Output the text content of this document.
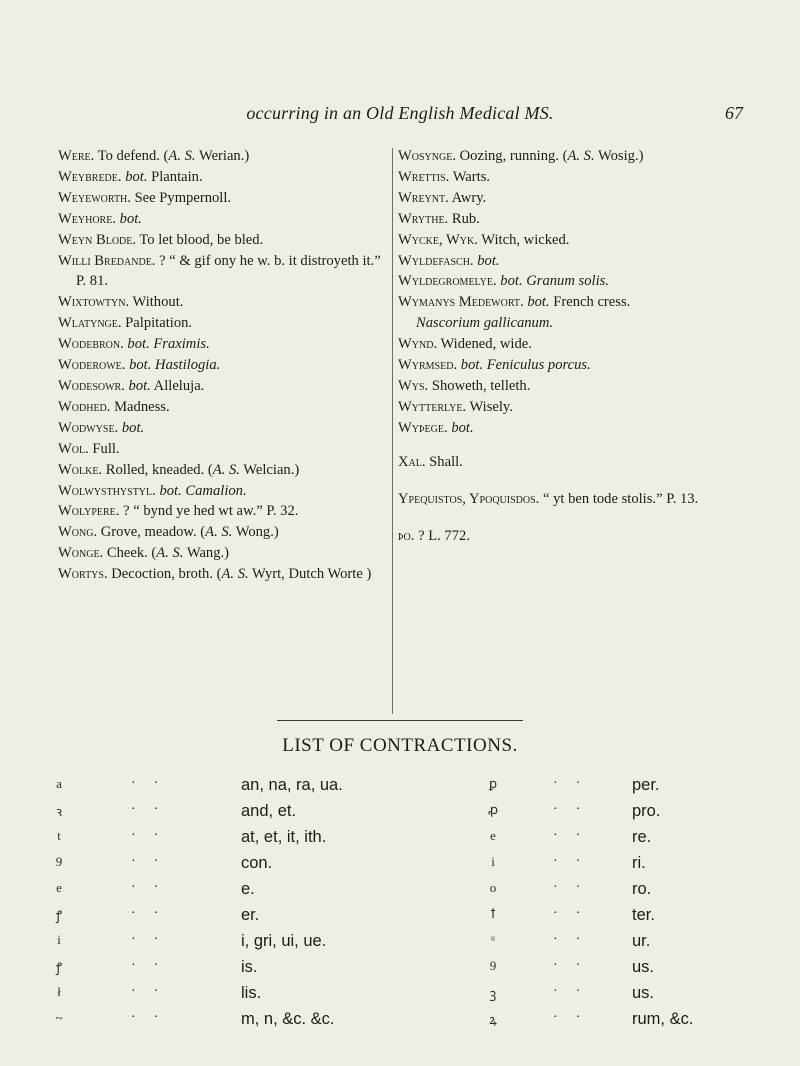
occurring in an Old English Medical MS.	67
Were. To defend. (A. S. Werian.)
Weybrede. bot. Plantain.
Weyeworth. See Pympernoll.
Weyhore. bot.
Weyn Blode. To let blood, be bled.
Willi Bredande. ? “ & gif ony he w. b. it distroyeth it.” P. 81.
Wixtowtyn. Without.
Wlatynge. Palpitation.
Wodebron. bot. Fraximis.
Woderowe. bot. Hastilogia.
Wodesowr. bot. Alleluja.
Wodhed. Madness.
Wodwyse. bot.
Wol. Full.
Wolke. Rolled, kneaded. (A. S. Welcian.)
Wolwysthystyl. bot. Camalion.
Wolypere. ? “ bynd ye hed wt aw.” P. 32.
Wong. Grove, meadow. (A. S. Wong.)
Wonge. Cheek. (A. S. Wang.)
Wortys. Decoction, broth. (A. S. Wyrt, Dutch Worte )
Wosynge. Oozing, running. (A. S. Wosig.)
Wrettis. Warts.
Wreynt. Awry.
Wrythe. Rub.
Wycke, Wyk. Witch, wicked.
Wyldefasch. bot.
Wyldegromelye. bot. Granum solis.
Wymanys Medewort. bot. French cress.
Nascorium gallicanum.
Wynd. Widened, wide.
Wyrmsed. bot. Feniculus porcus.
Wys. Showeth, telleth.
Wytterlye. Wisely.
Wyþege. bot.
Xal. Shall.
Ypequistos, Ypoquisdos. “ yt ben tode stolis.” P. 13.
þo. ? L. 772.
LIST OF CONTRACTIONS.
a	··	an, na, ra, ua.
ꝛ	··	and, et.
t	··	at, et, it, ith.
9	··	con.
e	··	e.
ꝭ	··	er.
i	··	i, gri, ui, ue.
ꝭ	··	is.
ł	··	lis.
~	··	m, n, &c. &c.
ꝑ	·· per.
ꝓ	·· pro.
e	·· re.
i	·· ri.
o	·· ro.
ꝉ	·· ter.
ᵘ	·· ur.
9	·· us.
ꝫ	·· us.
ꝝ	·· rum, &c.
